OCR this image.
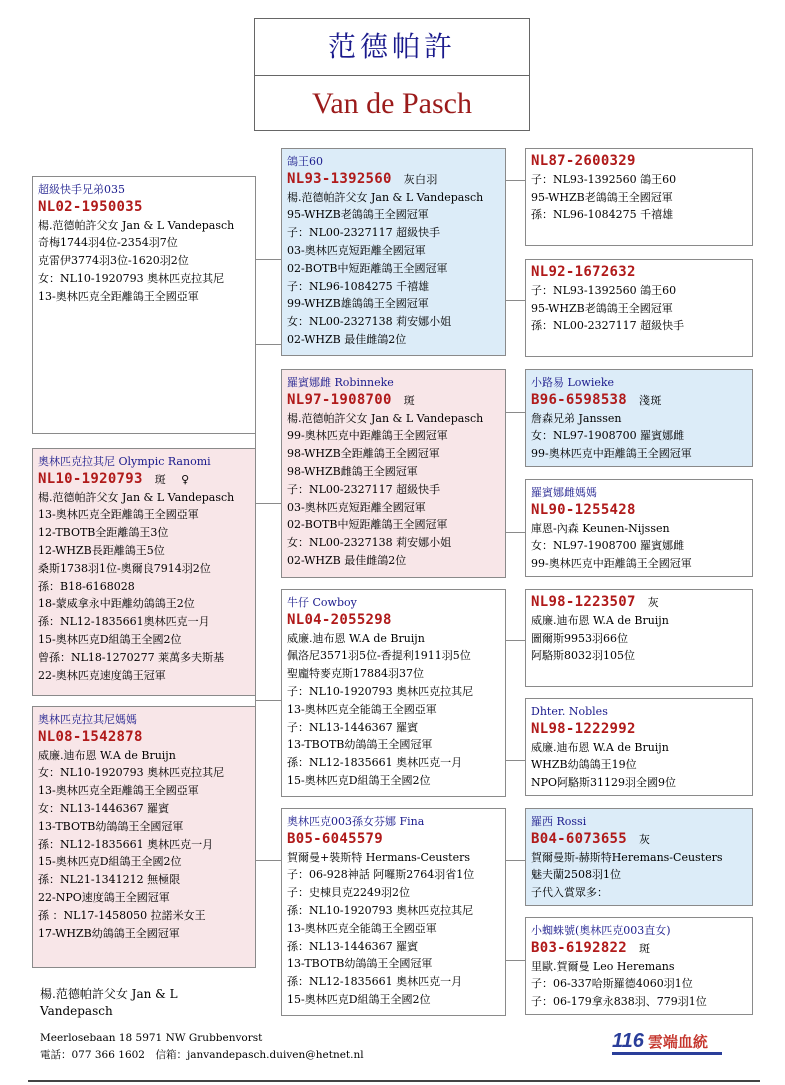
范德帕許
Van de Pasch
超級快手兄弟035
NL02-1950035
楊.范德帕許父女 Jan & L Vandepasch
奇梅1744羽4位-2354羽7位
克雷伊3774羽3位-1620羽2位
女：NL10-1920793 奧林匹克拉其尼
13-奧林匹克全距離鴿王全國亞軍
奧林匹克拉其尼 Olympic Ranomi
NL10-1920793 斑　 ♀
楊.范德帕許父女 Jan & L Vandepasch
13-奧林匹克全距離鴿王全國亞軍
12-TBOTB全距離鴿王3位
12-WHZB長距離鴿王5位
桑斯1738羽1位-奧爾良7914羽2位
孫：B18-6168028
18-蒙威拿永中距離幼鴿鴿王2位
孫：NL12-1835661奧林匹克一月
15-奧林匹克D組鴿王全國2位
曾孫：NL18-1270277 莱萬多夫斯基
22-奧林匹克速度鴿王冠軍
奧林匹克拉其尼媽媽
NL08-1542878
威廉.迪布恩 W.A de Bruijn
女：NL10-1920793 奧林匹克拉其尼
13-奧林匹克全距離鴿王全國亞軍
女：NL13-1446367 羅賓
13-TBOTB幼鴿鴿王全國冠軍
孫：NL12-1835661 奧林匹克一月
15-奧林匹克D組鴿王全國2位
孫：NL21-1341212 無極限
22-NPO速度鴿王全國冠軍
孫 ：NL17-1458050 拉諾米女王
17-WHZB幼鴿鴿王全國冠軍
鴿王60
NL93-1392560 灰白羽
楊.范德帕許父女 Jan & L Vandepasch
95-WHZB老鴿鴿王全國冠軍
子：NL00-2327117 超級快手
03-奧林匹克短距離全國冠軍
02-BOTB中短距離鴿王全國冠軍
子：NL96-1084275 千禧雄
99-WHZB雄鴿鴿王全國冠軍
女：NL00-2327138 莉安娜小姐
02-WHZB 最佳雌鴿2位
羅賓娜雌 Robinneke
NL97-1908700 斑
楊.范德帕許父女 Jan & L Vandepasch
99-奧林匹克中距離鴿王全國冠軍
98-WHZB全距離鴿王全國冠軍
98-WHZB雌鴿王全國冠軍
子：NL00-2327117 超級快手
03-奧林匹克短距離全國冠軍
02-BOTB中短距離鴿王全國冠軍
女：NL00-2327138 莉安娜小姐
02-WHZB 最佳雌鴿2位
牛仔 Cowboy
NL04-2055298
威廉.迪布恩 W.A de Bruijn
佩洛尼3571羽5位-香提利1911羽5位
聖龐特麥克斯17884羽37位
子：NL10-1920793 奧林匹克拉其尼
13-奧林匹克全能鴿王全國亞軍
子：NL13-1446367 羅賓
13-TBOTB幼鴿鴿王全國冠軍
孫：NL12-1835661 奧林匹克一月
15-奧林匹克D組鴿王全國2位
奧林匹克003孫女芬娜 Fina
B05-6045579
賀爾曼+裝斯特 Hermans-Ceusters
子：06-928神話 阿囉斯2764羽省1位
子：史棟貝克2249羽2位
孫：NL10-1920793 奧林匹克拉其尼
13-奧林匹克全能鴿王全國亞軍
孫：NL13-1446367 羅賓
13-TBOTB幼鴿鴿王全國冠軍
孫：NL12-1835661 奧林匹克一月
15-奧林匹克D組鴿王全國2位
NL87-2600329
子：NL93-1392560 鴿王60
95-WHZB老鴿鴿王全國冠軍
孫：NL96-1084275 千禧雄
NL92-1672632
子：NL93-1392560 鴿王60
95-WHZB老鴿鴿王全國冠軍
孫：NL00-2327117 超級快手
小路易 Lowieke
B96-6598538 淺斑
詹森兄弟 Janssen
女：NL97-1908700 羅賓娜雌
99-奧林匹克中距離鴿王全國冠軍
羅賓娜雌媽媽
NL90-1255428
庫恩-內森 Keunen-Nijssen
女：NL97-1908700 羅賓娜雌
99-奧林匹克中距離鴿王全國冠軍
NL98-1223507 灰
威廉.迪布恩 W.A de Bruijn
圖爾斯9953羽66位
阿駱斯8032羽105位
Dhter. Nobles
NL98-1222992
威廉.迪布恩 W.A de Bruijn
WHZB幼鴿鴿王19位
NPO阿駱斯31129羽全國9位
羅西 Rossi
B04-6073655 灰
賀爾曼斯-赫斯特Heremans-Ceusters
魅夫蘭2508羽1位
子代入賞眾多：
小蜘蛛號(奧林匹克003直女)
B03-6192822 斑
里歐.賀爾曼 Leo Heremans
子：06-337哈斯羅德4060羽1位
子：06-179拿永838羽、779羽1位
楊.范德帕許父女 Jan & L Vandepasch
Meerlosebaan 18 5971 NW Grubbenvorst
電話：077 366 1602　信箱：janvandepasch.duiven@hetnet.nl
116 雲端血統
